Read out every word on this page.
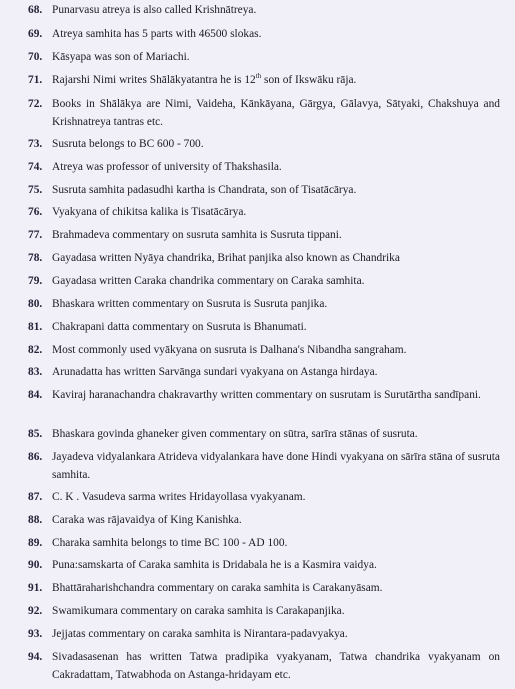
68. Punarvasu atreya is also called Krishnātreya.
69. Atreya samhita has 5 parts with 46500 slokas.
70. Kāsyapa was son of Mariachi.
71. Rajarshi Nimi writes Shālākyatantra he is 12th son of Ikswāku rāja.
72. Books in Shālākya are Nimi, Vaideha, Kānkāyana, Gārgya, Gālavya, Sātyaki, Chakshuya and Krishnatreya tantras etc.
73. Susruta belongs to BC 600 - 700.
74. Atreya was professor of university of Thakshasila.
75. Susruta samhita padasudhi kartha is Chandrata, son of Tisatācārya.
76. Vyakyana of chikitsa kalika is Tisatācārya.
77. Brahmadeva commentary on susruta samhita is Susruta tippani.
78. Gayadasa written Nyāya chandrika, Brihat panjika also known as Chandrika
79. Gayadasa written Caraka chandrika commentary on Caraka samhita.
80. Bhaskara written commentary on Susruta is Susruta panjika.
81. Chakrapani datta commentary on Susruta is Bhanumati.
82. Most commonly used vyākyana on susruta is Dalhana's Nibandha sangraham.
83. Arunadatta has written Sarvānga sundari vyakyana on Astanga hirdaya.
84. Kaviraj haranachandra chakravarthy written commentary on susrutam is Surutārtha sandīpani.
85. Bhaskara govinda ghaneker given commentary on sūtra, sarīra stānas of susruta.
86. Jayadeva vidyalankara Atrideva vidyalankara have done Hindi vyakyana on sārīra stāna of susruta samhita.
87. C. K . Vasudeva sarma writes Hridayollasa vyakyanam.
88. Caraka was rājavaidya of King Kanishka.
89. Charaka samhita belongs to time BC 100 - AD 100.
90. Puna:samskarta of Caraka samhita is Dridabala he is a Kasmira vaidya.
91. Bhattāraharishchandra commentary on caraka samhita is Carakanyāsam.
92. Swamikumara commentary on caraka samhita is Carakapanjika.
93. Jejjatas commentary on caraka samhita is Nirantara-padavyakya.
94. Sivadasasenan has written Tatwa pradipika vyakyanam, Tatwa chandrika vyakyanam on Cakradattam, Tatwabhoda on Astanga-hridayam etc.
